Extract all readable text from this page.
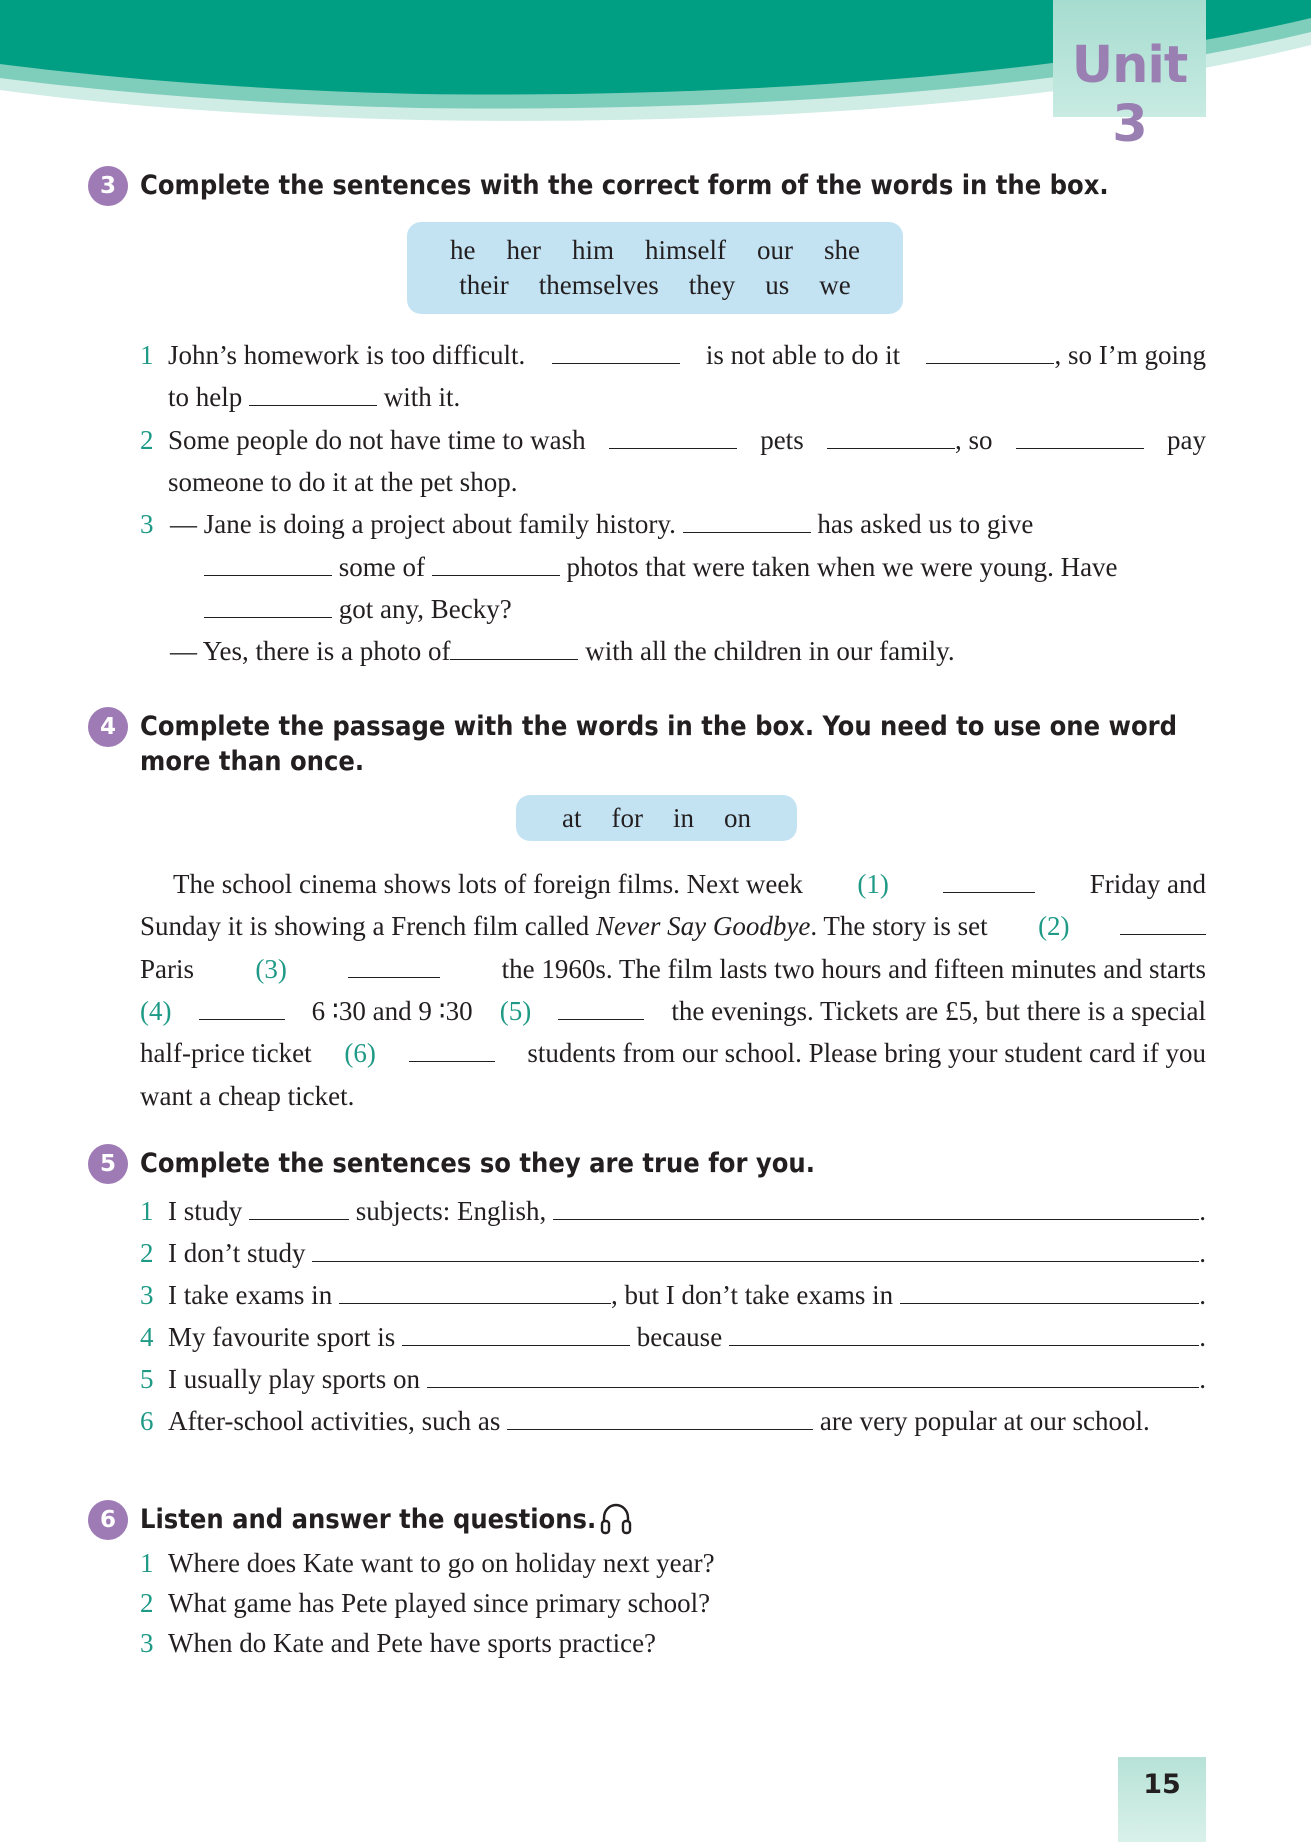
Unit 3
3 Complete the sentences with the correct form of the words in the box.
he her him himself our she
their themselves they us we
1 John’s homework is too difficult.	is not able to do it	, so I’m going
to help	with it.
2 Some people do not have time to wash	pets	, so	pay
someone to do it at the pet shop.
3 — Jane is doing a project about family history.	has asked us to give
some of	photos that were taken when we were young. Have
got any, Becky?
— Yes, there is a photo of	with all the children in our family.
4 Complete the passage with the words in the box. You need to use one word
more than once.
at for in on
The school cinema shows lots of foreign films. Next week (1)	Friday and
Sunday it is showing a French film called Never Say Goodbye. The story is set (2)
Paris (3)	the 1960s. The film lasts two hours and fifteen minutes and starts
(4)	6 ∶30 and 9 ∶30 (5)	the evenings. Tickets are £5, but there is a special
half-price ticket (6)	students from our school. Please bring your student card if you
want a cheap ticket.
5 Complete the sentences so they are true for you.
1 I study

	subjects: English,
	.
2 I don’t study
	.
3 I take exams in
	, but I don’t take exams in
	.
4 My favourite sport is

	because
	.
5 I usually play sports on
	.
6 After-school activities, such as

	are very popular at our school.
6 Listen and answer the questions.
1 Where does Kate want to go on holiday next year?
2 What game has Pete played since primary school?
3 When do Kate and Pete have sports practice?
15
